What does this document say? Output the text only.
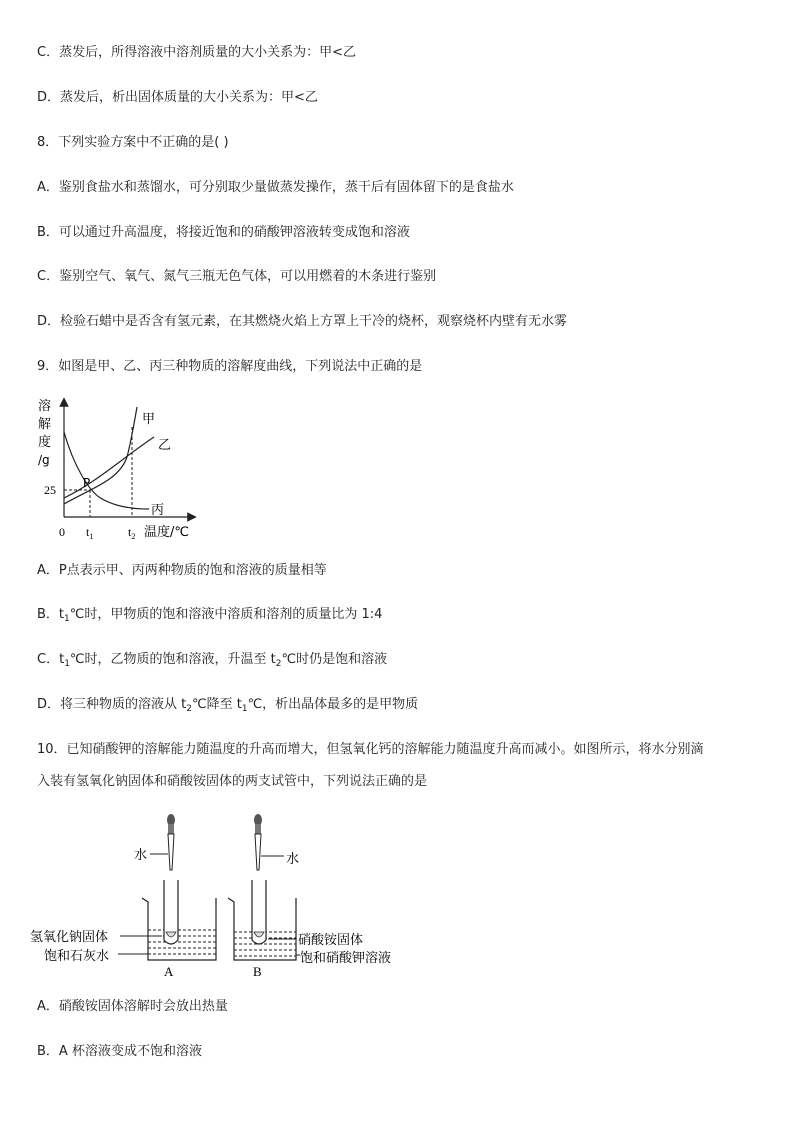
C．蒸发后，所得溶液中溶剂质量的大小关系为：甲<乙
D．蒸发后，析出固体质量的大小关系为：甲<乙
8．下列实验方案中不正确的是( )
A．鉴别食盐水和蒸馏水，可分别取少量做蒸发操作，蒸干后有固体留下的是食盐水
B．可以通过升高温度，将接近饱和的硝酸钾溶液转变成饱和溶液
C．鉴别空气、氧气、氮气三瓶无色气体，可以用燃着的木条进行鉴别
D．检验石蜡中是否含有氢元素，在其燃烧火焰上方罩上干冷的烧杯，观察烧杯内壁有无水雾
9．如图是甲、乙、丙三种物质的溶解度曲线，下列说法中正确的是
溶
解
度
/g
25
甲
乙
丙
P
0 $t_1$	$t_2$ 温度/℃
A．P点表示甲、丙两种物质的饱和溶液的质量相等
B．$t_1℃$时，甲物质的饱和溶液中溶质和溶剂的质量比为 1:4
C．$t_1℃$时，乙物质的饱和溶液，升温至 $t_2℃$时仍是饱和溶液
D．将三种物质的溶液从 $t_2℃$降至 $t_1℃$，析出晶体最多的是甲物质
10．已知硝酸钾的溶解能力随温度的升高而增大，但氢氧化钙的溶解能力随温度升高而减小。如图所示，将水分别滴
入装有氢氧化钠固体和硝酸铵固体的两支试管中，下列说法正确的是
水
氢氧化钠固体
饱和石灰水
A
水
硝酸铵固体
饱和硝酸钾溶液
B
A．硝酸铵固体溶解时会放出热量
B．A 杯溶液变成不饱和溶液
